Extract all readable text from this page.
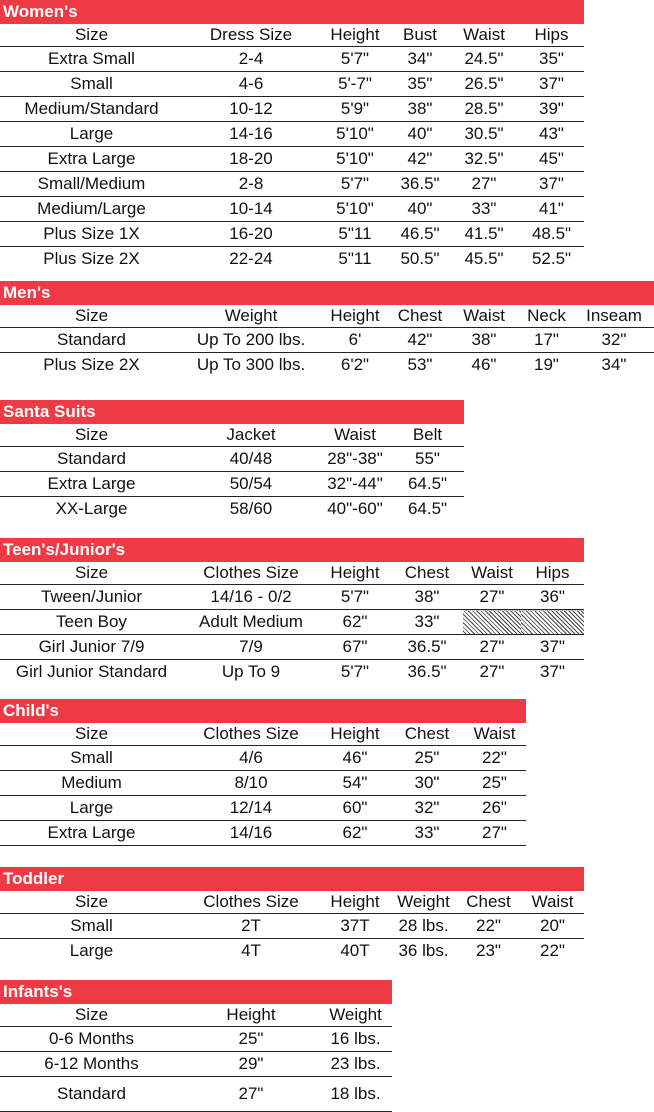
Women's
Size	Dress Size	Height	Bust	Waist	Hips
Extra Small	2-4	5'7"	34"	24.5"	35"
Small	4-6	5'-7"	35"	26.5"	37"
Medium/Standard	10-12	5'9"	38"	28.5"	39"
Large	14-16	5'10"	40"	30.5"	43"
Extra Large	18-20	5'10"	42"	32.5"	45"
Small/Medium	2-8	5'7"	36.5"	27"	37"
Medium/Large	10-14	5'10"	40"	33"	41"
Plus Size 1X	16-20	5"11	46.5"	41.5"	48.5"
Plus Size 2X	22-24	5"11	50.5"	45.5"	52.5"
Men's
Size	Weight	Height	Chest	Waist	Neck	Inseam
Standard	Up To 200 lbs.	6'	42"	38"	17"	32"
Plus Size 2X	Up To 300 lbs.	6'2"	53"	46"	19"	34"
Santa Suits
Size	Jacket	Waist	Belt
Standard	40/48	28"-38"	55"
Extra Large	50/54	32"-44"	64.5"
XX-Large	58/60	40"-60"	64.5"
Teen's/Junior's
Size	Clothes Size	Height	Chest	Waist	Hips
Tween/Junior	14/16 - 0/2	5'7"	38"	27"	36"
Teen Boy	Adult Medium	62"	33"		
Girl Junior 7/9	7/9	67"	36.5"	27"	37"
Girl Junior Standard	Up To 9	5'7"	36.5"	27"	37"
Child's
Size	Clothes Size	Height	Chest	Waist
Small	4/6	46"	25"	22"
Medium	8/10	54"	30"	25"
Large	12/14	60"	32"	26"
Extra Large	14/16	62"	33"	27"
Toddler
Size	Clothes Size	Height	Weight	Chest	Waist
Small	2T	37T	28 lbs.	22"	20"
Large	4T	40T	36 lbs.	23"	22"
Infants's
Size	Height	Weight
0-6 Months	25"	16 lbs.
6-12 Months	29"	23 lbs.
Standard	27"	18 lbs.
